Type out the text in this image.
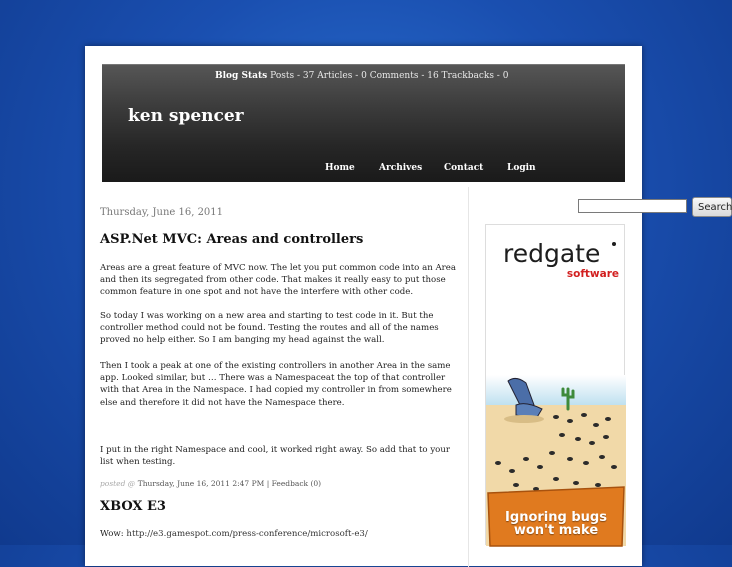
Blog Stats Posts - 37 Articles - 0 Comments - 16 Trackbacks - 0
ken spencer
Home	Archives Contact	Login
Thursday, June 16, 2011
ASP.Net MVC: Areas and controllers

Areas are a great feature of MVC now. The let you put common code into an Area and then its segregated from other code. That makes it really easy to put those common feature in one spot and not have the interfere with other code.

So today I was working on a new area and starting to test code in it. But the controller method could not be found. Testing the routes and all of the names proved no help either. So I am banging my head against the wall.

Then I took a peak at one of the existing controllers in another Area in the same app. Looked similar, but … There was a Namespaceat the top of that controller with that Area in the Namespace. I had copied my controller in from somewhere else and therefore it did not have the Namespace there.

I put in the right Namespace and cool, it worked right away. So add that to your list when testing.

posted @ Thursday, June 16, 2011 2:47 PM | Feedback (0)
XBOX E3
Wow: http://e3.gamespot.com/press-conference/microsoft-e3/
Search
redgate
software
Ignoring bugs
won't make
